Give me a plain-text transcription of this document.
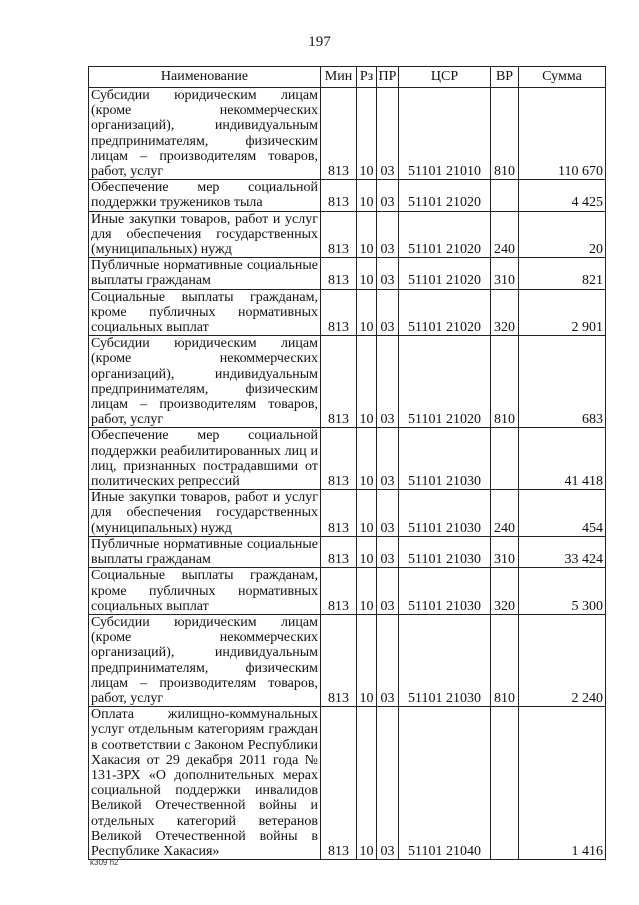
197
Наименование	Мин	Рз	ПР	ЦСР	ВР	Сумма
Субсидии юридическим лицам (кроме некоммерческих организаций), индивидуальным предпринимателям, физическим лицам – производителям товаров, работ, услуг	813	10	03	51101 21010	810	110 670
Обеспечение мер социальной поддержки тружеников тыла	813	10	03	51101 21020		4 425
Иные закупки товаров, работ и услуг для обеспечения государственных (муниципальных) нужд	813	10	03	51101 21020	240	20
Публичные нормативные социальные выплаты гражданам	813	10	03	51101 21020	310	821
Социальные выплаты гражданам, кроме публичных нормативных социальных выплат	813	10	03	51101 21020	320	2 901
Субсидии юридическим лицам (кроме некоммерческих организаций), индивидуальным предпринимателям, физическим лицам – производителям товаров, работ, услуг	813	10	03	51101 21020	810	683
Обеспечение мер социальной поддержки реабилитированных лиц и лиц, признанных пострадавшими от политических репрессий	813	10	03	51101 21030		41 418
Иные закупки товаров, работ и услуг для обеспечения государственных (муниципальных) нужд	813	10	03	51101 21030	240	454
Публичные нормативные социальные выплаты гражданам	813	10	03	51101 21030	310	33 424
Социальные выплаты гражданам, кроме публичных нормативных социальных выплат	813	10	03	51101 21030	320	5 300
Субсидии юридическим лицам (кроме некоммерческих организаций), индивидуальным предпринимателям, физическим лицам – производителям товаров, работ, услуг	813	10	03	51101 21030	810	2 240
Оплата жилищно-коммунальных услуг отдельным категориям граждан в соответствии с Законом Республики Хакасия от 29 декабря 2011 года № 131-ЗРХ «О дополнительных мерах социальной поддержки инвалидов Великой Отечественной войны и отдельных категорий ветеранов Великой Отечественной войны в Республике Хакасия»	813	10	03	51101 21040		1 416
k309 h2
